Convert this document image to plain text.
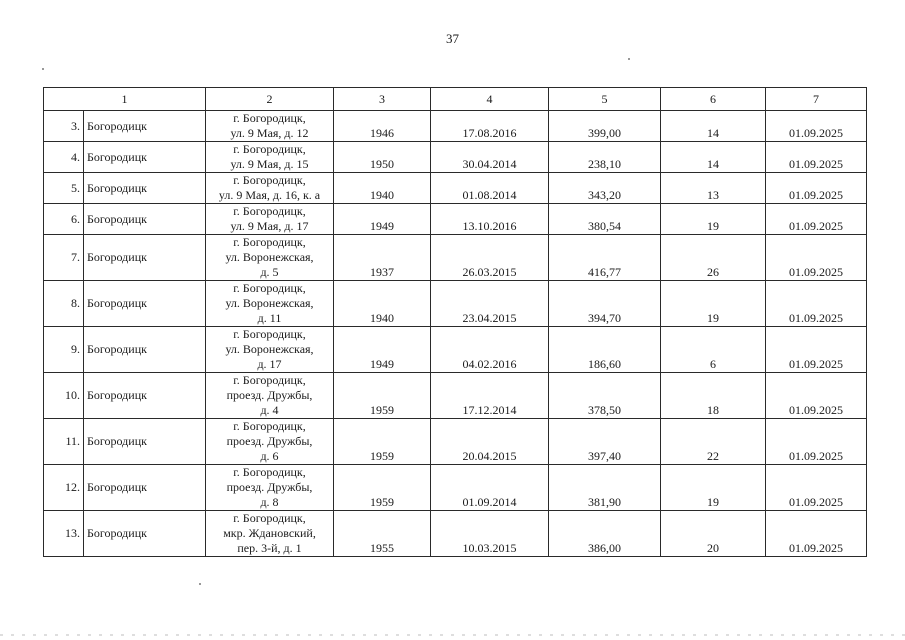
37
1		2	3	4	5	6	7
3.	Богородицк	г. Богородицк,
ул. 9 Мая, д. 12	1946	17.08.2016	399,00	14	01.09.2025
4.	Богородицк	г. Богородицк,
ул. 9 Мая, д. 15	1950	30.04.2014	238,10	14	01.09.2025
5.	Богородицк	г. Богородицк,
ул. 9 Мая, д. 16, к. а	1940	01.08.2014	343,20	13	01.09.2025
6.	Богородицк	г. Богородицк,
ул. 9 Мая, д. 17	1949	13.10.2016	380,54	19	01.09.2025
7.	Богородицк	г. Богородицк,
ул. Воронежская,
д. 5	1937	26.03.2015	416,77	26	01.09.2025
8.	Богородицк	г. Богородицк,
ул. Воронежская,
д. 11	1940	23.04.2015	394,70	19	01.09.2025
9.	Богородицк	г. Богородицк,
ул. Воронежская,
д. 17	1949	04.02.2016	186,60	6	01.09.2025
10.	Богородицк	г. Богородицк,
проезд. Дружбы,
д. 4	1959	17.12.2014	378,50	18	01.09.2025
11.	Богородицк	г. Богородицк,
проезд. Дружбы,
д. 6	1959	20.04.2015	397,40	22	01.09.2025
12.	Богородицк	г. Богородицк,
проезд. Дружбы,
д. 8	1959	01.09.2014	381,90	19	01.09.2025
13.	Богородицк	г. Богородицк,
мкр. Ждановский,
пер. 3-й, д. 1	1955	10.03.2015	386,00	20	01.09.2025
